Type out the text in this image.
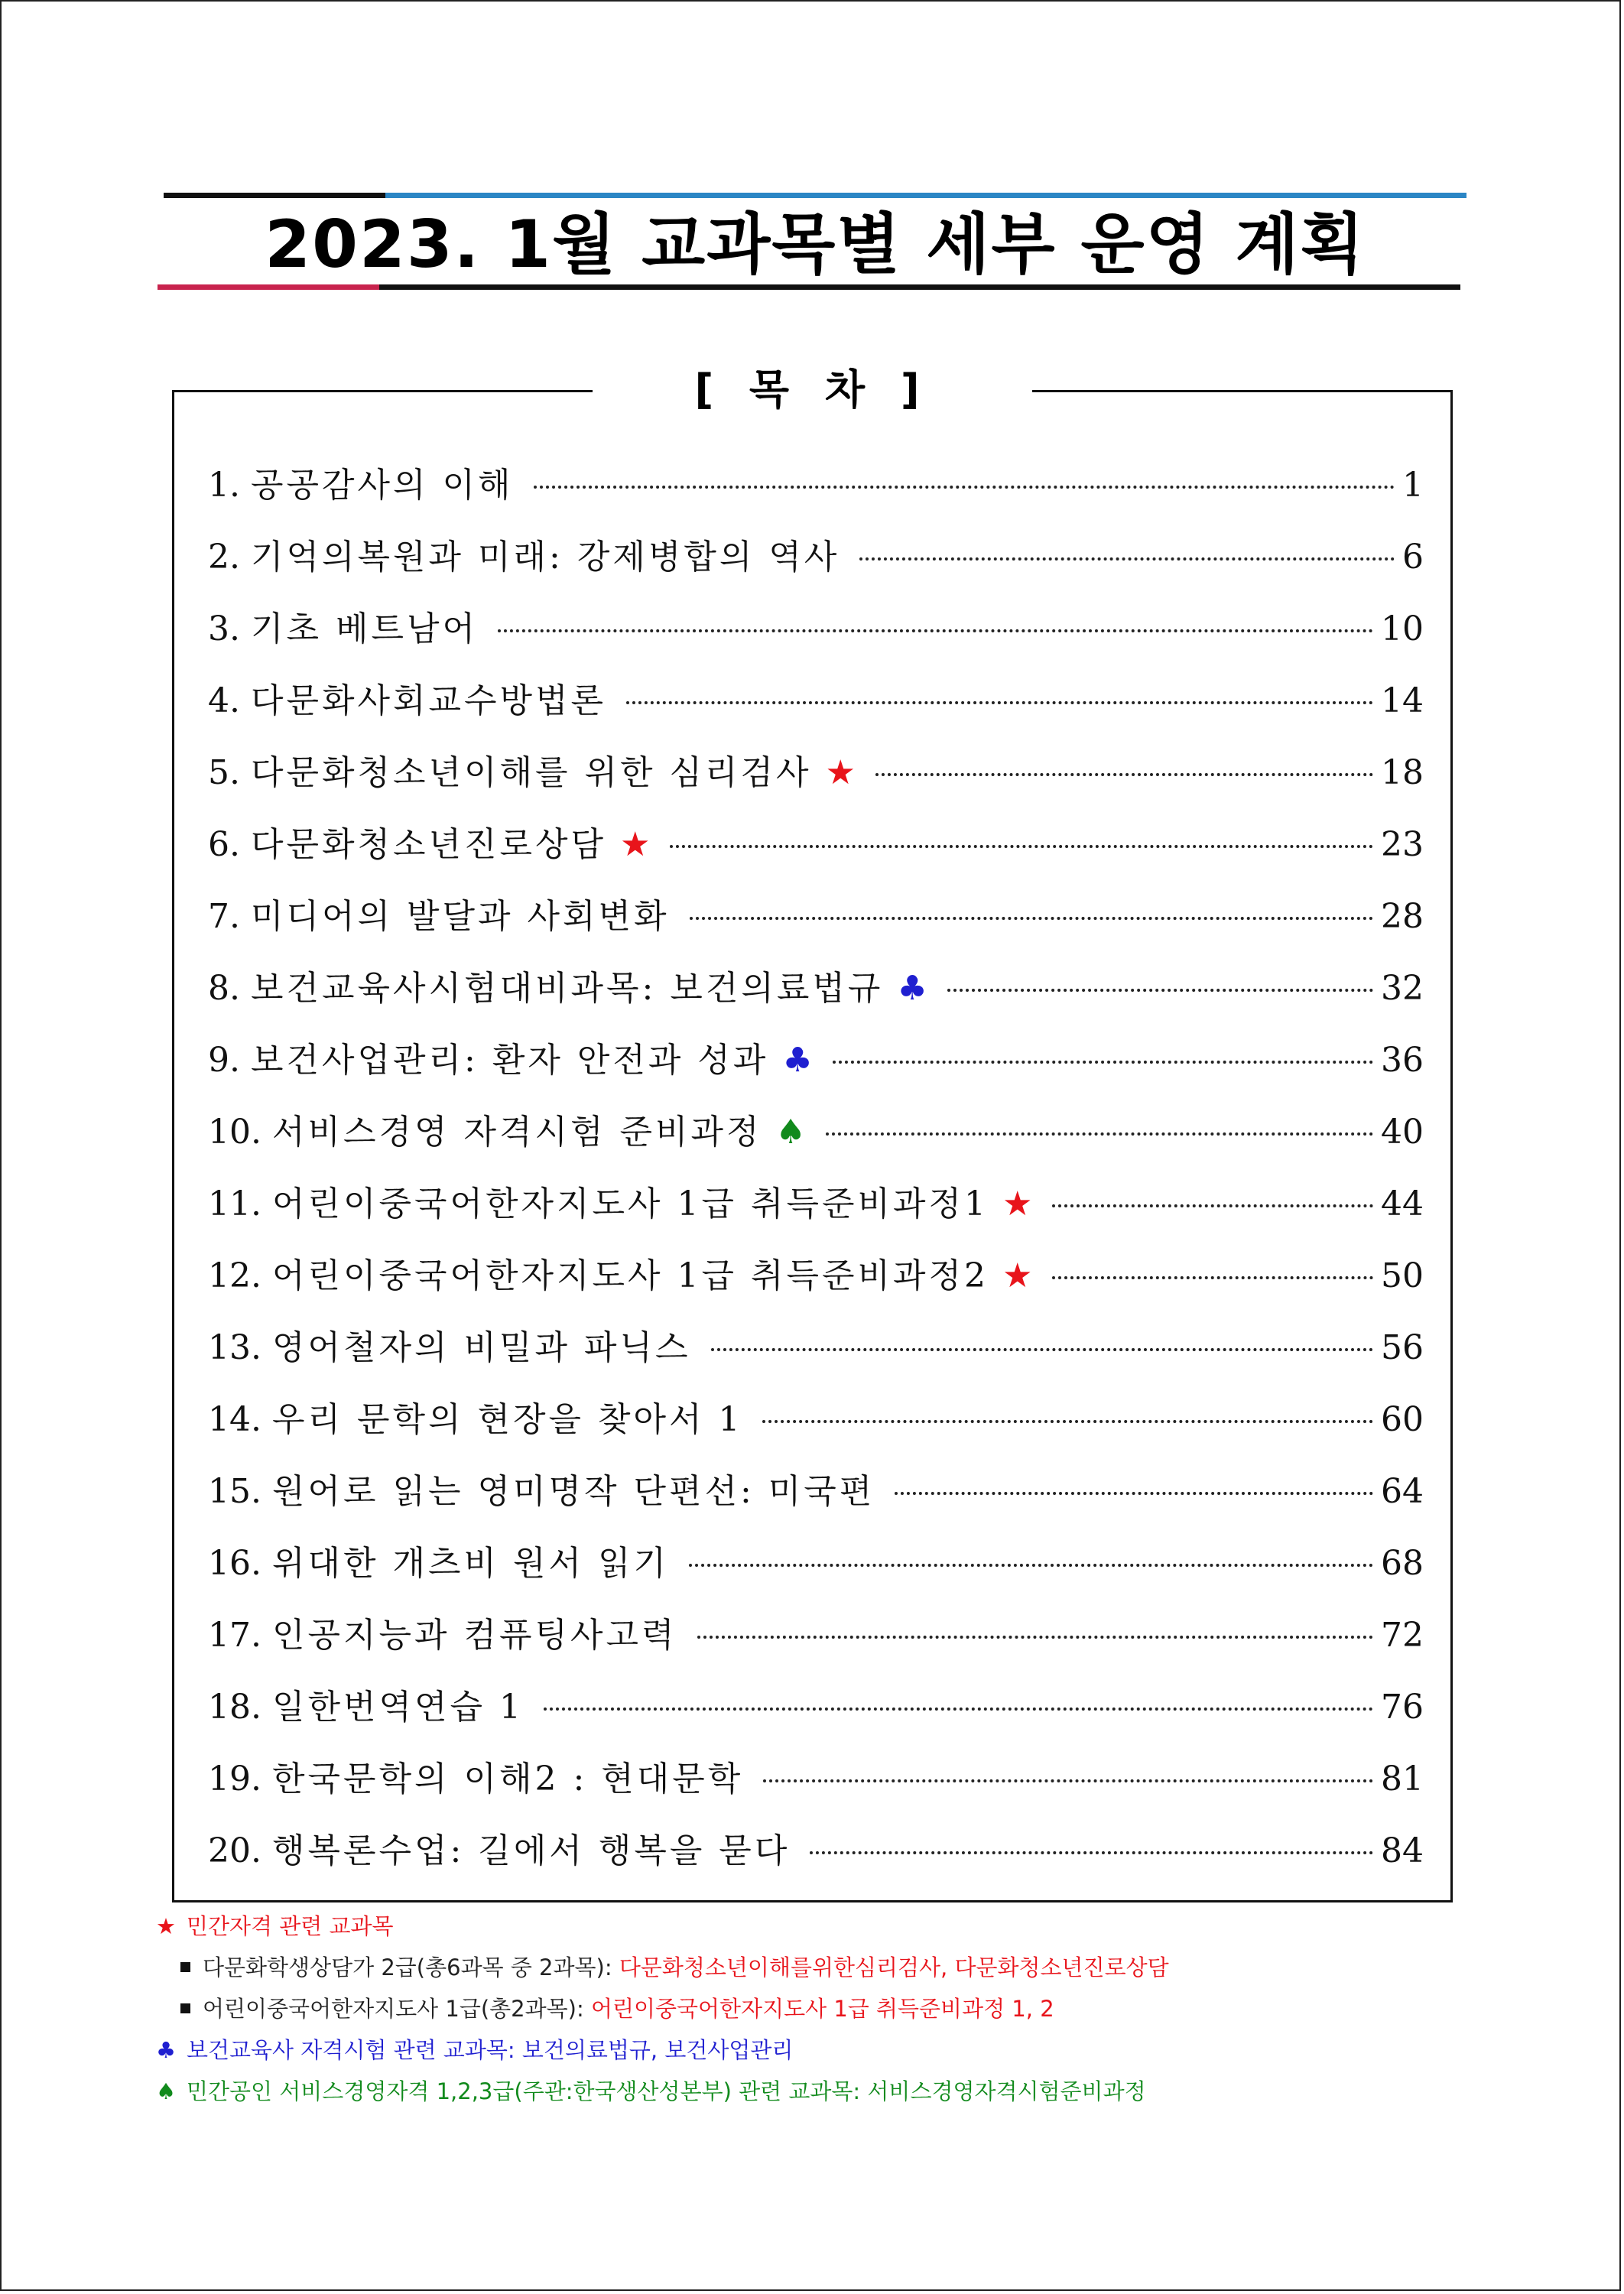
2023. 1월 교과목별 세부 운영 계획
[ 목 차 ]
1. 공공감사의 이해	1
2. 기억의복원과 미래: 강제병합의 역사	6
3. 기초 베트남어	10
4. 다문화사회교수방법론	14
5. 다문화청소년이해를 위한 심리검사 ★	18
6. 다문화청소년진로상담 ★	23
7. 미디어의 발달과 사회변화	28
8. 보건교육사시험대비과목: 보건의료법규 ♣	32
9. 보건사업관리: 환자 안전과 성과 ♣	36
10. 서비스경영 자격시험 준비과정 ♠	40
11. 어린이중국어한자지도사 1급 취득준비과정1 ★	44
12. 어린이중국어한자지도사 1급 취득준비과정2 ★	50
13. 영어철자의 비밀과 파닉스	56
14. 우리 문학의 현장을 찾아서 1	60
15. 원어로 읽는 영미명작 단편선: 미국편	64
16. 위대한 개츠비 원서 읽기	68
17. 인공지능과 컴퓨팅사고력	72
18. 일한번역연습 1	76
19. 한국문학의 이해2 : 현대문학	81
20. 행복론수업: 길에서 행복을 묻다	84
★ 민간자격 관련 교과목
다문화학생상담가 2급(총6과목 중 2과목): 다문화청소년이해를위한심리검사, 다문화청소년진로상담
어린이중국어한자지도사 1급(총2과목): 어린이중국어한자지도사 1급 취득준비과정 1, 2
♣ 보건교육사 자격시험 관련 교과목: 보건의료법규, 보건사업관리
♠ 민간공인 서비스경영자격 1,2,3급(주관:한국생산성본부) 관련 교과목: 서비스경영자격시험준비과정
